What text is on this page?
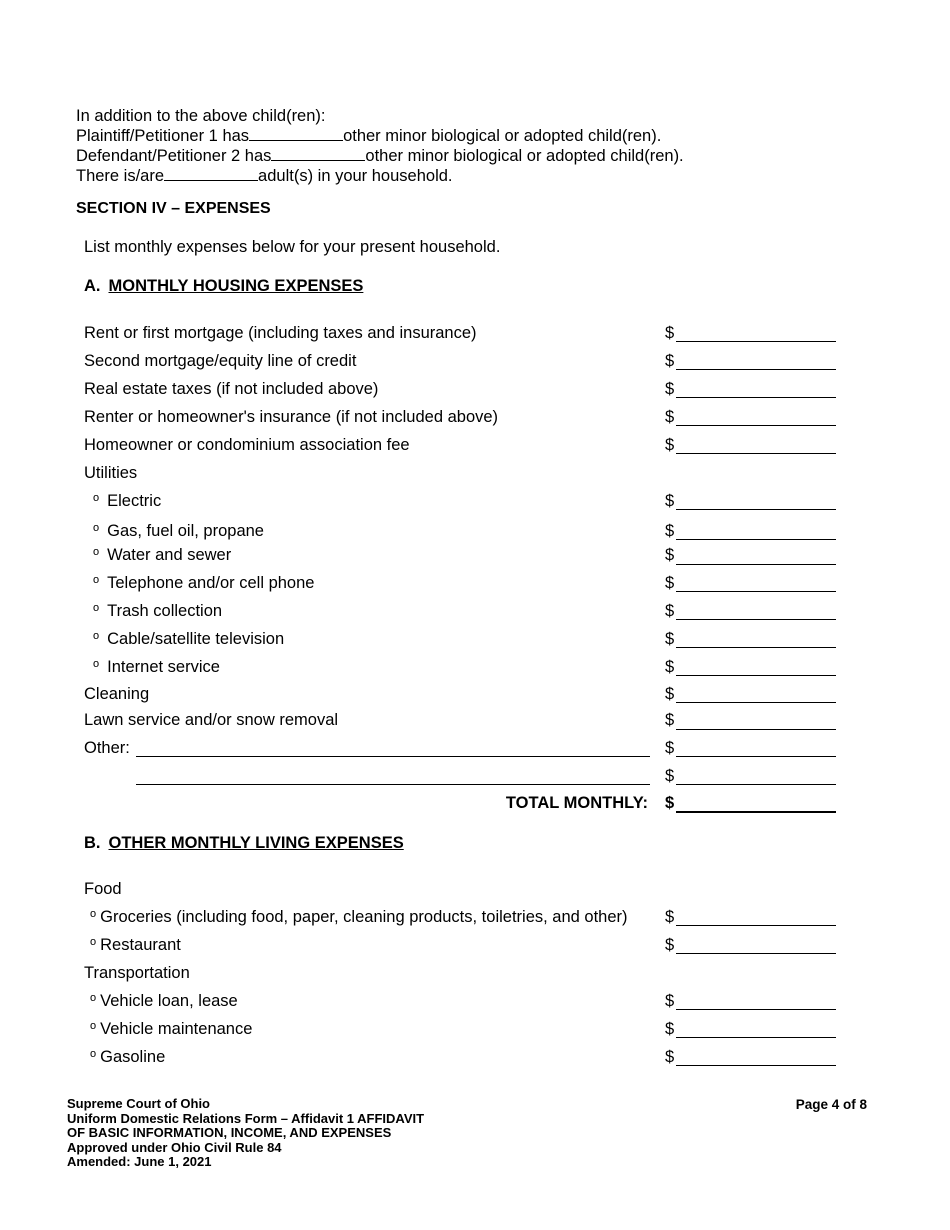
In addition to the above child(ren):
Plaintiff/Petitioner 1 has	other minor biological or adopted child(ren).
Defendant/Petitioner 2 has	other minor biological or adopted child(ren).
There is/are	adult(s) in your household.
SECTION IV – EXPENSES
List monthly expenses below for your present household.
A. MONTHLY HOUSING EXPENSES
Rent or first mortgage (including taxes and insurance)	$
Second mortgage/equity line of credit	$
Real estate taxes (if not included above)	$
Renter or homeowner's insurance (if not included above)	$
Homeowner or condominium association fee	$
Utilities
$^o$ Electric	$
$^o$ Gas, fuel oil, propane	$
$^o$ Water and sewer	$
$^o$ Telephone and/or cell phone	$
$^o$ Trash collection	$
$^o$ Cable/satellite television	$
$^o$ Internet service	$
Cleaning	$
Lawn service and/or snow removal	$
Other:	$
$
TOTAL MONTHLY: $
B. OTHER MONTHLY LIVING EXPENSES
Food
$^o$ Groceries (including food, paper, cleaning products, toiletries, and other) $
$^o$ Restaurant	$
Transportation
$^o$ Vehicle loan, lease	$
$^o$ Vehicle maintenance	$
$^o$ Gasoline	$
Supreme Court of Ohio
Uniform Domestic Relations Form – Affidavit 1 AFFIDAVIT
OF BASIC INFORMATION, INCOME, AND EXPENSES
Approved under Ohio Civil Rule 84
Amended: June 1, 2021
Page 4 of 8
